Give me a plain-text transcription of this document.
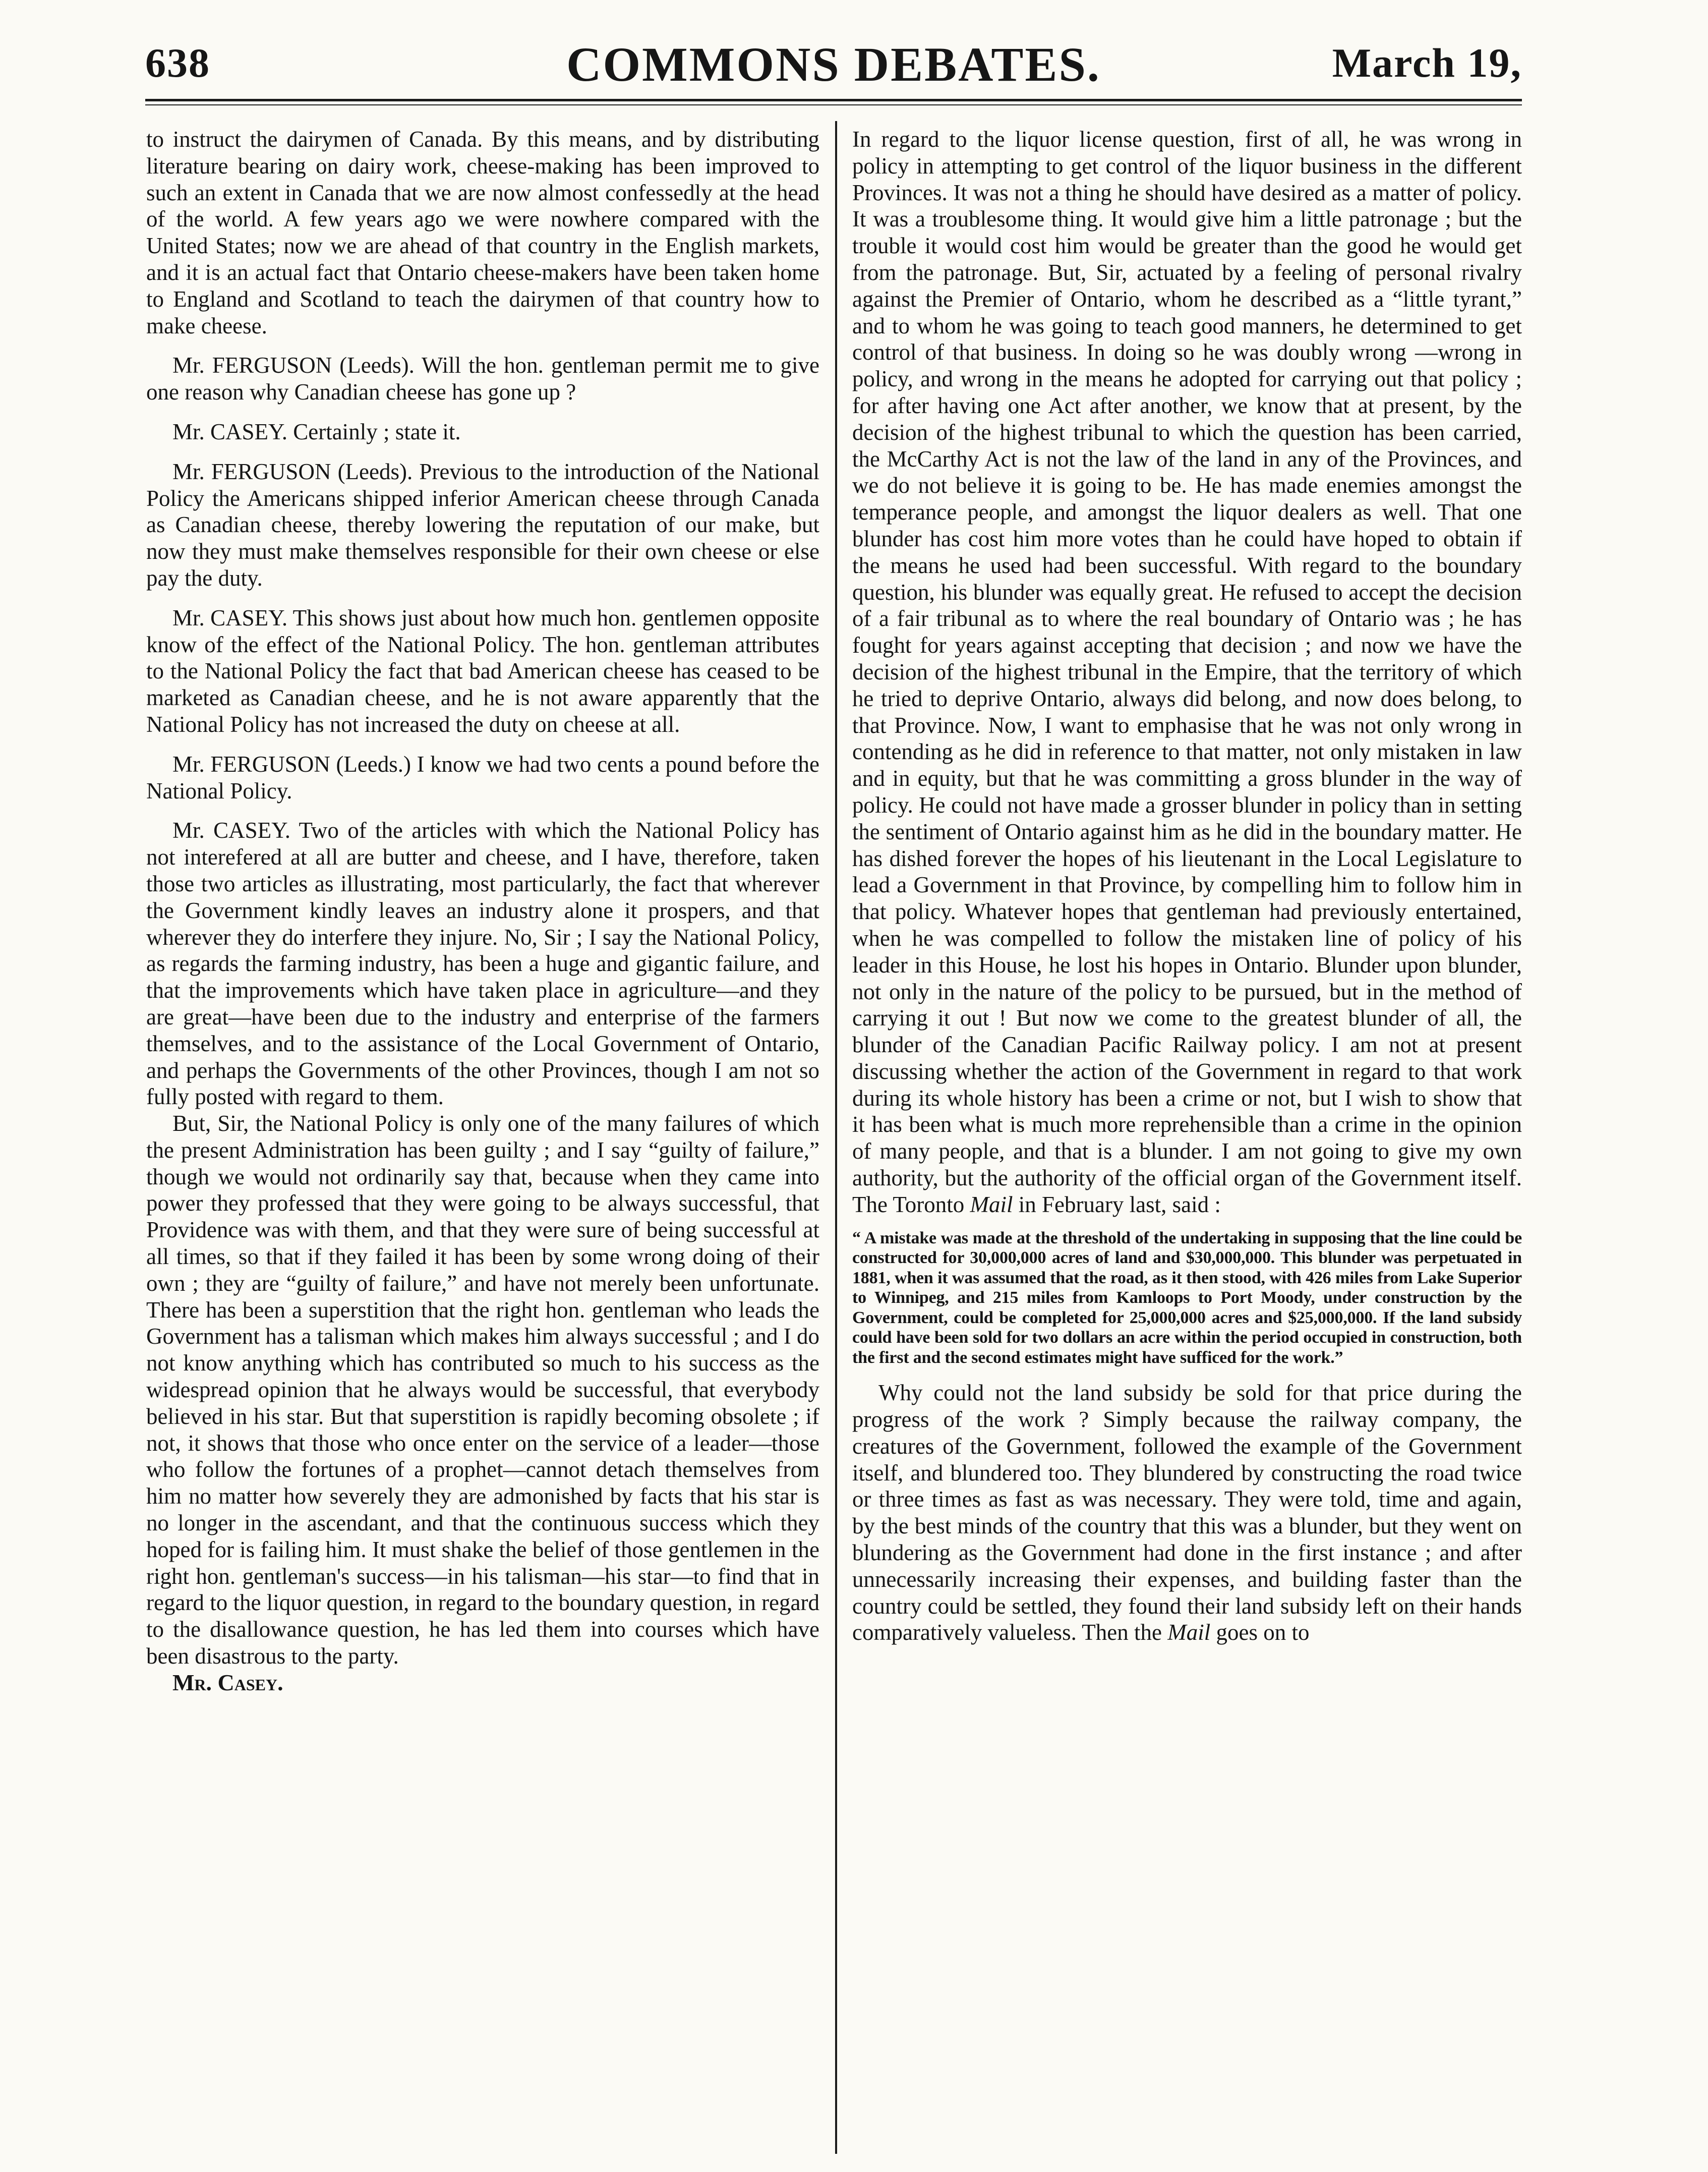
638	COMMONS DEBATES.	March 19,

to instruct the dairymen of Canada. By this means, and by distributing literature bearing on dairy work, cheese-making has been improved to such an extent in Canada that we are now almost confessedly at the head of the world. A few years ago we were nowhere compared with the United States; now we are ahead of that country in the English markets, and it is an actual fact that Ontario cheese-makers have been taken home to England and Scotland to teach the dairymen of that country how to make cheese.

Mr. FERGUSON (Leeds). Will the hon. gentleman permit me to give one reason why Canadian cheese has gone up ?

Mr. CASEY. Certainly ; state it.

Mr. FERGUSON (Leeds). Previous to the introduction of the National Policy the Americans shipped inferior American cheese through Canada as Canadian cheese, thereby lowering the reputation of our make, but now they must make themselves responsible for their own cheese or else pay the duty.

Mr. CASEY. This shows just about how much hon. gentlemen opposite know of the effect of the National Policy. The hon. gentleman attributes to the National Policy the fact that bad American cheese has ceased to be marketed as Canadian cheese, and he is not aware apparently that the National Policy has not increased the duty on cheese at all.

Mr. FERGUSON (Leeds.) I know we had two cents a pound before the National Policy.

Mr. CASEY. Two of the articles with which the National Policy has not interefered at all are butter and cheese, and I have, therefore, taken those two articles as illustrating, most particularly, the fact that wherever the Government kindly leaves an industry alone it prospers, and that wherever they do interfere they injure. No, Sir ; I say the National Policy, as regards the farming industry, has been a huge and gigantic failure, and that the improvements which have taken place in agriculture—and they are great—have been due to the industry and enterprise of the farmers themselves, and to the assistance of the Local Government of Ontario, and perhaps the Governments of the other Provinces, though I am not so fully posted with regard to them.

But, Sir, the National Policy is only one of the many failures of which the present Administration has been guilty ; and I say “guilty of failure,” though we would not ordinarily say that, because when they came into power they professed that they were going to be always successful, that Providence was with them, and that they were sure of being successful at all times, so that if they failed it has been by some wrong doing of their own ; they are “guilty of failure,” and have not merely been unfortunate. There has been a superstition that the right hon. gentleman who leads the Government has a talisman which makes him always successful ; and I do not know anything which has contributed so much to his success as the widespread opinion that he always would be successful, that everybody believed in his star. But that superstition is rapidly becoming obsolete ; if not, it shows that those who once enter on the service of a leader—those who follow the fortunes of a prophet—cannot detach themselves from him no matter how severely they are admonished by facts that his star is no longer in the ascendant, and that the continuous success which they hoped for is failing him. It must shake the belief of those gentlemen in the right hon. gentleman's success—in his talisman—his star—to find that in regard to the liquor question, in regard to the boundary question, in regard to the disallowance question, he has led them into courses which have been disastrous to the party.

Mr. Casey.

In regard to the liquor license question, first of all, he was wrong in policy in attempting to get control of the liquor business in the different Provinces. It was not a thing he should have desired as a matter of policy. It was a troublesome thing. It would give him a little patronage ; but the trouble it would cost him would be greater than the good he would get from the patronage. But, Sir, actuated by a feeling of personal rivalry against the Premier of Ontario, whom he described as a “little tyrant,” and to whom he was going to teach good manners, he determined to get control of that business. In doing so he was doubly wrong —wrong in policy, and wrong in the means he adopted for carrying out that policy ; for after having one Act after another, we know that at present, by the decision of the highest tribunal to which the question has been carried, the McCarthy Act is not the law of the land in any of the Provinces, and we do not believe it is going to be. He has made enemies amongst the temperance people, and amongst the liquor dealers as well. That one blunder has cost him more votes than he could have hoped to obtain if the means he used had been successful. With regard to the boundary question, his blunder was equally great. He refused to accept the decision of a fair tribunal as to where the real boundary of Ontario was ; he has fought for years against accepting that decision ; and now we have the decision of the highest tribunal in the Empire, that the territory of which he tried to deprive Ontario, always did belong, and now does belong, to that Province. Now, I want to emphasise that he was not only wrong in contending as he did in reference to that matter, not only mistaken in law and in equity, but that he was committing a gross blunder in the way of policy. He could not have made a grosser blunder in policy than in setting the sentiment of Ontario against him as he did in the boundary matter. He has dished forever the hopes of his lieutenant in the Local Legislature to lead a Government in that Province, by compelling him to follow him in that policy. Whatever hopes that gentleman had previously entertained, when he was compelled to follow the mistaken line of policy of his leader in this House, he lost his hopes in Ontario. Blunder upon blunder, not only in the nature of the policy to be pursued, but in the method of carrying it out ! But now we come to the greatest blunder of all, the blunder of the Canadian Pacific Railway policy. I am not at present discussing whether the action of the Government in regard to that work during its whole history has been a crime or not, but I wish to show that it has been what is much more reprehensible than a crime in the opinion of many people, and that is a blunder. I am not going to give my own authority, but the authority of the official organ of the Government itself. The Toronto Mail in February last, said :

“ A mistake was made at the threshold of the undertaking in supposing that the line could be constructed for 30,000,000 acres of land and $30,000,000. This blunder was perpetuated in 1881, when it was assumed that the road, as it then stood, with 426 miles from Lake Superior to Winnipeg, and 215 miles from Kamloops to Port Moody, under construction by the Government, could be completed for 25,000,000 acres and $25,000,000. If the land subsidy could have been sold for two dollars an acre within the period occupied in construction, both the first and the second estimates might have sufficed for the work.”

Why could not the land subsidy be sold for that price during the progress of the work ? Simply because the railway company, the creatures of the Government, followed the example of the Government itself, and blundered too. They blundered by constructing the road twice or three times as fast as was necessary. They were told, time and again, by the best minds of the country that this was a blunder, but they went on blundering as the Government had done in the first instance ; and after unnecessarily increasing their expenses, and building faster than the country could be settled, they found their land subsidy left on their hands comparatively valueless. Then the Mail goes on to
